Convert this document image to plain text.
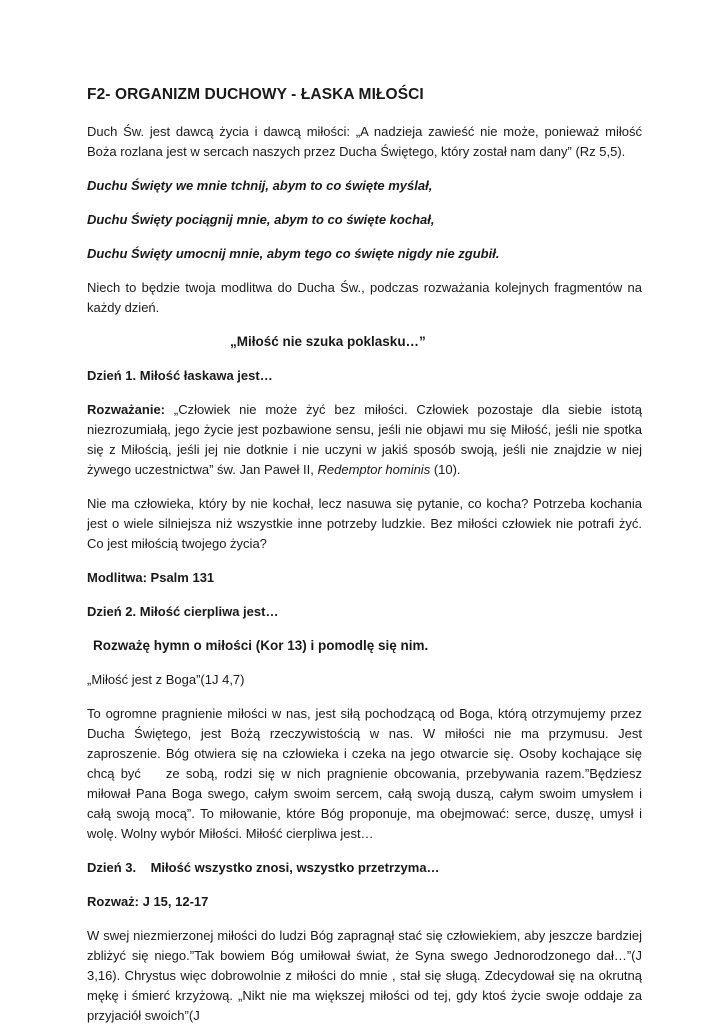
F2- ORGANIZM DUCHOWY - ŁASKA MIŁOŚCI

Duch Św. jest dawcą życia i dawcą miłości: „A nadzieja zawieść nie może, ponieważ miłość Boża rozlana jest w sercach naszych przez Ducha Świętego, który został nam dany” (Rz 5,5).

Duchu Święty we mnie tchnij, abym to co święte myślał,

Duchu Święty pociągnij mnie, abym to co święte kochał,

Duchu Święty umocnij mnie, abym tego co święte nigdy nie zgubił.

Niech to będzie twoja modlitwa do Ducha Św., podczas rozważania kolejnych fragmentów na każdy dzień.

„Miłość nie szuka poklasku…”

Dzień 1. Miłość łaskawa jest…

Rozważanie: „Człowiek nie może żyć bez miłości. Człowiek pozostaje dla siebie istotą niezrozumiałą, jego życie jest pozbawione sensu, jeśli nie objawi mu się Miłość, jeśli nie spotka się z Miłością, jeśli jej nie dotknie i nie uczyni w jakiś sposób swoją, jeśli nie znajdzie w niej żywego uczestnictwa” św. Jan Paweł II, Redemptor hominis (10).

Nie ma człowieka, który by nie kochał, lecz nasuwa się pytanie, co kocha? Potrzeba kochania jest o wiele silniejsza niż wszystkie inne potrzeby ludzkie. Bez miłości człowiek nie potrafi żyć. Co jest miłością twojego życia?

Modlitwa: Psalm 131

Dzień 2. Miłość cierpliwa jest…

Rozważę hymn o miłości (Kor 13) i pomodlę się nim.

„Miłość jest z Boga”(1J 4,7)

To ogromne pragnienie miłości w nas, jest siłą pochodzącą od Boga, którą otrzymujemy przez Ducha Świętego, jest Bożą rzeczywistością w nas. W miłości nie ma przymusu. Jest zaproszenie. Bóg otwiera się na człowieka i czeka na jego otwarcie się. Osoby kochające się chcą być    ze sobą, rodzi się w nich pragnienie obcowania, przebywania razem.”Będziesz miłował Pana Boga swego, całym swoim sercem, całą swoją duszą, całym swoim umysłem i całą swoją mocą”. To miłowanie, które Bóg proponuje, ma obejmować: serce, duszę, umysł i wolę. Wolny wybór Miłości. Miłość cierpliwa jest…

Dzień 3.    Miłość wszystko znosi, wszystko przetrzyma…

Rozważ: J 15, 12-17

W swej niezmierzonej miłości do ludzi Bóg zapragnął stać się człowiekiem, aby jeszcze bardziej zbliżyć się niego.”Tak bowiem Bóg umiłował świat, że Syna swego Jednorodzonego dał…”(J 3,16). Chrystus więc dobrowolnie z miłości do mnie , stał się sługą. Zdecydował się na okrutną    mękę i śmierć krzyżową. „Nikt nie ma większej miłości od tej, gdy ktoś życie swoje oddaje za przyjaciół swoich”(J
